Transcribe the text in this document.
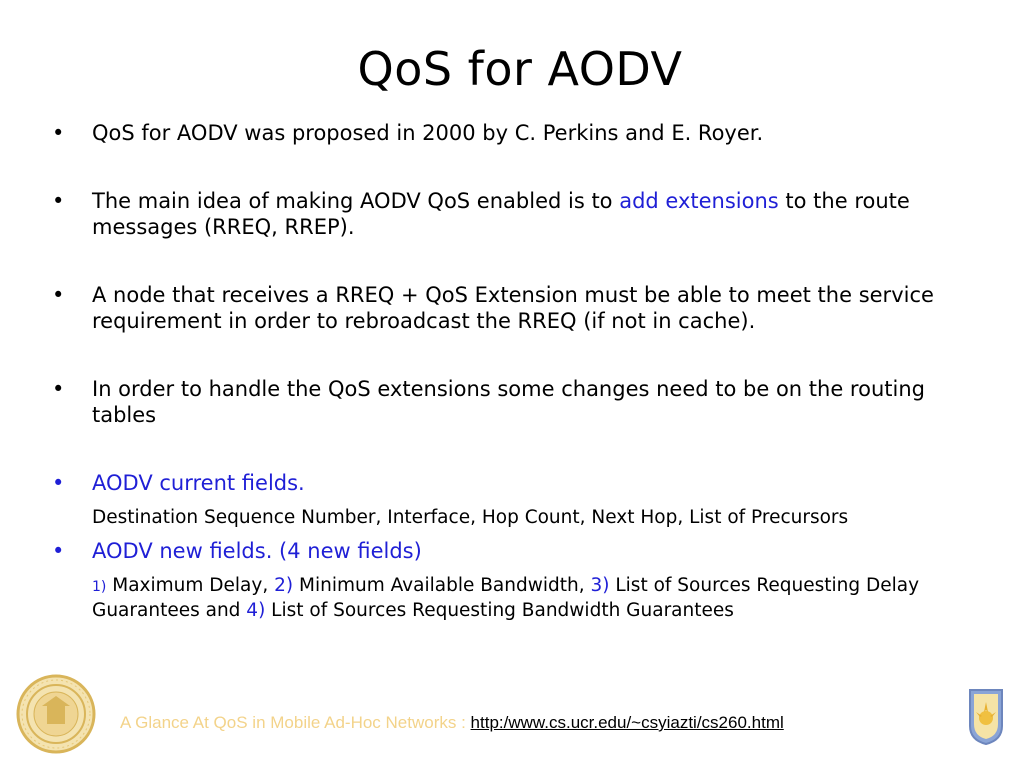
QoS for AODV
•	QoS for AODV was proposed in 2000 by C. Perkins and E. Royer.
•	The main idea of making AODV QoS enabled is to add extensions to the route messages (RREQ, RREP).
•	A node that receives a RREQ + QoS Extension must be able to meet the service requirement in order to rebroadcast the RREQ (if not in cache).
•	In order to handle the QoS extensions some changes need to be on the routing tables
•	AODV current fields.
Destination Sequence Number, Interface, Hop Count, Next Hop, List of Precursors
•	AODV new fields. (4 new fields)
1) Maximum Delay, 2) Minimum Available Bandwidth, 3) List of Sources Requesting Delay Guarantees and 4) List of Sources Requesting Bandwidth Guarantees
A Glance At QoS in Mobile Ad-Hoc Networks : http:/www.cs.ucr.edu/~csyiazti/cs260.html
